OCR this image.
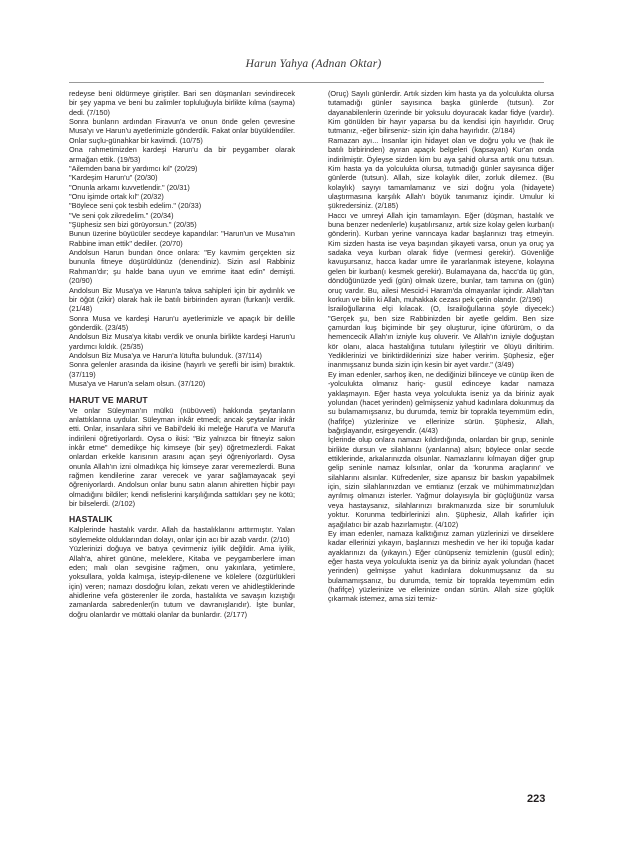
Harun Yahya (Adnan Oktar)

redeyse beni öldürmeye giriştiler. Bari sen düşmanları sevindirecek bir şey yapma ve beni bu zalimler topluluğuyla birlikte kılma (sayma) dedi. (7/150)

Sonra bunların ardından Firavun'a ve onun önde gelen çevresine Musa'yı ve Harun'u ayetlerimizle gönderdik. Fakat onlar büyüklendiler. Onlar suçlu-günahkar bir kavimdi. (10/75)

Ona rahmetimizden kardeşi Harun'u da bir peygamber olarak armağan ettik. (19/53)

"Ailemden bana bir yardımcı kıl" (20/29)

"Kardeşim Harun'u" (20/30)

"Onunla arkamı kuvvetlendir." (20/31)

"Onu işimde ortak kıl" (20/32)

"Böylece seni çok tesbih edelim." (20/33)

"Ve seni çok zikredelim." (20/34)

"Şüphesiz sen bizi görüyorsun." (20/35)

Bunun üzerine büyücüler secdeye kapandılar: "Harun'un ve Musa'nın Rabbine iman ettik" dediler. (20/70)

Andolsun Harun bundan önce onlara: "Ey kavmim gerçekten siz bununla fitneye düşürüldünüz (denendiniz). Sizin asıl Rabbiniz Rahman'dır; şu halde bana uyun ve emrime itaat edin" demişti. (20/90)

Andolsun Biz Musa'ya ve Harun'a takva sahipleri için bir aydınlık ve bir öğüt (zikir) olarak hak ile batılı birbirinden ayıran (furkan)ı verdik. (21/48)

Sonra Musa ve kardeşi Harun'u ayetlerimizle ve apaçık bir delille gönderdik. (23/45)

Andolsun Biz Musa'ya kitabı verdik ve onunla birlikte kardeşi Harun'u yardımcı kıldık. (25/35)

Andolsun Biz Musa'ya ve Harun'a lütufta bulunduk. (37/114)

Sonra gelenler arasında da ikisine (hayırlı ve şerefli bir isim) bıraktık. (37/119)

Musa'ya ve Harun'a selam olsun. (37/120)

HARUT VE MARUT

Ve onlar Süleyman'ın mülkü (nübüvveti) hakkında şeytanların anlattıklarına uydular. Süleyman inkâr etmedi; ancak şeytanlar inkâr etti. Onlar, insanlara sihri ve Babil'deki iki meleğe Harut'a ve Marut'a indirileni öğretiyorlardı. Oysa o ikisi: "Biz yalnızca bir fitneyiz sakın inkâr etme" demedikçe hiç kimseye (bir şey) öğretmezlerdi. Fakat onlardan erkekle karısının arasını açan şeyi öğreniyorlardı. Oysa onunla Allah'ın izni olmadıkça hiç kimseye zarar veremezlerdi. Buna rağmen kendilerine zarar verecek ve yarar sağlamayacak şeyi öğreniyorlardı. Andolsun onlar bunu satın alanın ahiretten hiçbir payı olmadığını bildiler; kendi nefislerini karşılığında sattıkları şey ne kötü; bir bilselerdi. (2/102)

HASTALIK

Kalplerinde hastalık vardır. Allah da hastalıklarını arttırmıştır. Yalan söylemekte olduklarından dolayı, onlar için acı bir azab vardır. (2/10)

Yüzlerinizi doğuya ve batıya çevirmeniz iyilik değildir. Ama iyilik, Allah'a, ahiret gününe, meleklere, Kitaba ve peygamberlere iman eden; malı olan sevgisine rağmen, onu yakınlara, yetimlere, yoksullara, yolda kalmışa, isteyip-dilenene ve kölelere (özgürlükleri için) veren; namazı dosdoğru kılan, zekatı veren ve ahidleştiklerinde ahidlerine vefa gösterenler ile zorda, hastalıkta ve savaşın kızıştığı zamanlarda sabredenler(in tutum ve davranışlarıdır). İşte bunlar, doğru olanlardır ve müttaki olanlar da bunlardır. (2/177)

(Oruç) Sayılı günlerdir. Artık sizden kim hasta ya da yolculukta olursa tutamadığı günler sayısınca başka günlerde (tutsun). Zor dayanabilenlerin üzerinde bir yoksulu doyuracak kadar fidye (vardır). Kim gönülden bir hayır yaparsa bu da kendisi için hayırlıdır. Oruç tutmanız, -eğer bilirseniz- sizin için daha hayırlıdır. (2/184)

Ramazan ayı... İnsanlar için hidayet olan ve doğru yolu ve (hak ile batılı birbirinden) ayıran apaçık belgeleri (kapsayan) Kur'an onda indirilmiştir. Öyleyse sizden kim bu aya şahid olursa artık onu tutsun. Kim hasta ya da yolculukta olursa, tutmadığı günler sayısınca diğer günlerde (tutsun). Allah, size kolaylık diler, zorluk dilemez. (Bu kolaylık) sayıyı tamamlamanız ve sizi doğru yola (hidayete) ulaştırmasına karşılık Allah'ı büyük tanımanız içindir. Umulur ki şükredersiniz. (2/185)

Haccı ve umreyi Allah için tamamlayın. Eğer (düşman, hastalık ve buna benzer nedenlerle) kuşatılırsanız, artık size kolay gelen kurban(ı gönderin). Kurban yerine varıncaya kadar başlarınızı traş etmeyin. Kim sizden hasta ise veya başından şikayeti varsa, onun ya oruç ya sadaka veya kurban olarak fidye (vermesi gerekir). Güvenliğe kavuşursanız, hacca kadar umre ile yararlanmak isteyene, kolayına gelen bir kurban(ı kesmek gerekir). Bulamayana da, hacc'da üç gün, döndüğünüzde yedi (gün) olmak üzere, bunlar, tam tamına on (gün) oruç vardır. Bu, ailesi Mescid-i Haram'da olmayanlar içindir. Allah'tan korkun ve bilin ki Allah, muhakkak cezası pek çetin olandır. (2/196)

İsrailoğullarına elçi kılacak. (O, İsrailoğullarına şöyle diyecek:) "Gerçek şu, ben size Rabbinizden bir ayetle geldim. Ben size çamurdan kuş biçiminde bir şey oluşturur, içine üfürürüm, o da hemencecik Allah'ın izniyle kuş oluverir. Ve Allah'ın izniyle doğuştan kör olanı, alaca hastalığına tutulanı iyileştirir ve ölüyü diriltirim. Yediklerinizi ve biriktirdiklerinizi size haber veririm. Şüphesiz, eğer inanmışsanız bunda sizin için kesin bir ayet vardır." (3/49)

Ey iman edenler, sarhoş iken, ne dediğinizi bilinceye ve cünüp iken de -yolculukta olmanız hariç- gusül edinceye kadar namaza yaklaşmayın. Eğer hasta veya yolculukta iseniz ya da biriniz ayak yolundan (hacet yerinden) gelmişseniz yahud kadınlara dokunmuş da su bulamamışsanız, bu durumda, temiz bir toprakla teyemmüm edin, (hafifçe) yüzlerinize ve ellerinize sürün. Şüphesiz, Allah, bağışlayandır, esirgeyendir. (4/43)

İçlerinde olup onlara namazı kıldırdığında, onlardan bir grup, seninle birlikte dursun ve silahlarını (yanlarına) alsın; böylece onlar secde ettiklerinde, arkalarınızda olsunlar. Namazlarını kılmayan diğer grup gelip seninle namaz kılsınlar, onlar da 'korunma araçlarını' ve silahlarını alsınlar. Küfredenler, size apansız bir baskın yapabilmek için, sizin silahlarınızdan ve emtianız (erzak ve mühimmatınız)dan ayrılmış olmanızı isterler. Yağmur dolayısıyla bir güçlüğünüz varsa veya hastaysanız, silahlarınızı bırakmanızda size bir sorumluluk yoktur. Korunma tedbirlerinizi alın. Şüphesiz, Allah kafirler için aşağılatıcı bir azab hazırlamıştır. (4/102)

Ey iman edenler, namaza kalktığınız zaman yüzlerinizi ve dirseklere kadar ellerinizi yıkayın, başlarınızı meshedin ve her iki topuğa kadar ayaklarınızı da (yıkayın.) Eğer cünüpseniz temizlenin (gusül edin); eğer hasta veya yolculukta iseniz ya da biriniz ayak yolundan (hacet yerinden) gelmişse yahut kadınlara dokunmuşsanız da su bulamamışsanız, bu durumda, temiz bir toprakla teyemmüm edin (hafifçe) yüzlerinize ve ellerinize ondan sürün. Allah size güçlük çıkarmak istemez, ama sizi temiz-

223
